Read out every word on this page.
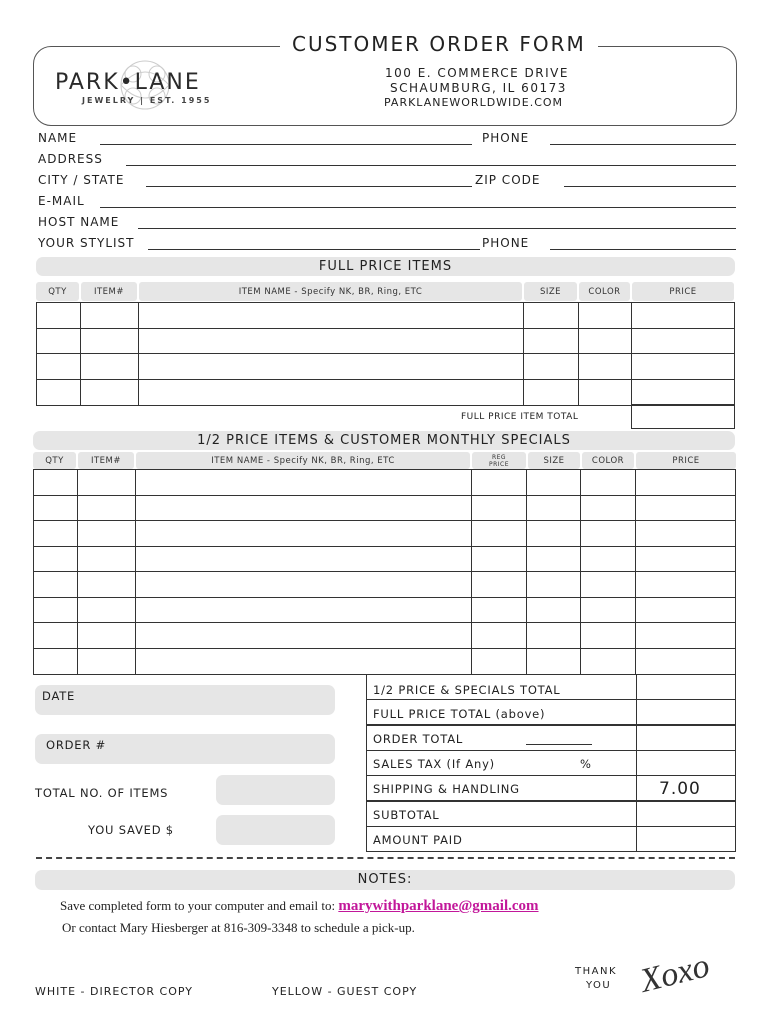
CUSTOMER ORDER FORM
PARK•LANE
JEWELRY | EST. 1955
100 E. COMMERCE DRIVE
SCHAUMBURG, IL 60173
PARKLANEWORLDWIDE.COM
NAME	PHONE
ADDRESS
CITY / STATE	ZIP CODE
E-MAIL
HOST NAME
YOUR STYLIST	PHONE
FULL PRICE ITEMS
QTY	ITEM#	ITEM NAME - Specify NK, BR, Ring, ETC	SIZE	COLOR	PRICE
FULL PRICE ITEM TOTAL
1/2 PRICE ITEMS & CUSTOMER MONTHLY SPECIALS
QTY	ITEM#	ITEM NAME - Specify NK, BR, Ring, ETC	REG PRICE	SIZE	COLOR	PRICE
DATE
ORDER #
TOTAL NO. OF ITEMS
YOU SAVED $
1/2 PRICE & SPECIALS TOTAL
FULL PRICE TOTAL (above)
ORDER TOTAL
SALES TAX (If Any)	%
SHIPPING & HANDLING	7.00
SUBTOTAL
AMOUNT PAID
NOTES:
Save completed form to your computer and email to: marywithparklane@gmail.com
Or contact Mary Hiesberger at 816-309-3348 to schedule a pick-up.
WHITE - DIRECTOR COPY	YELLOW - GUEST COPY
THANK
YOU Xoxo
